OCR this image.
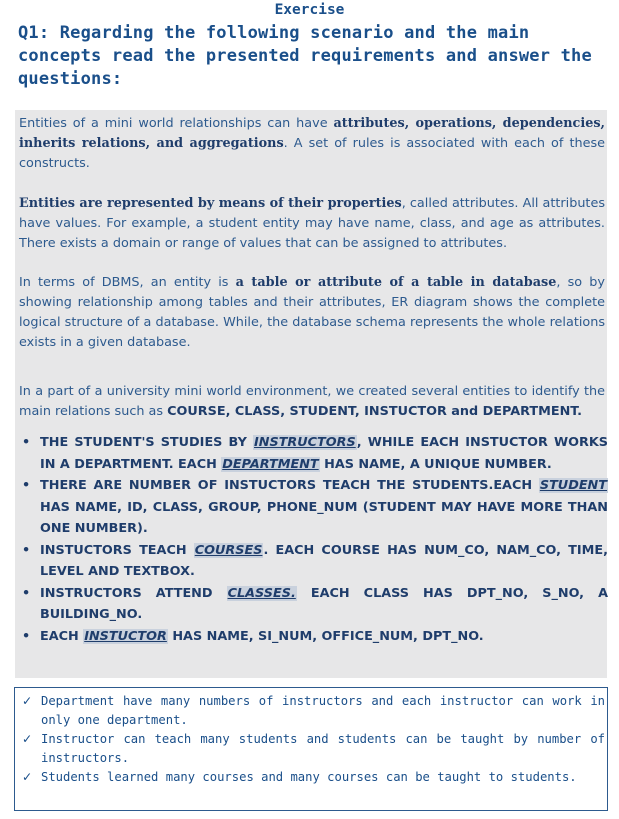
Exercise
Q1: Regarding the following scenario and the main concepts read the presented requirements and answer the questions:
Entities of a mini world relationships can have attributes, operations, dependencies, inherits relations, and aggregations. A set of rules is associated with each of these constructs.
Entities are represented by means of their properties, called attributes. All attributes have values. For example, a student entity may have name, class, and age as attributes. There exists a domain or range of values that can be assigned to attributes.
In terms of DBMS, an entity is a table or attribute of a table in database, so by showing relationship among tables and their attributes, ER diagram shows the complete logical structure of a database. While, the database schema represents the whole relations exists in a given database.
In a part of a university mini world environment, we created several entities to identify the main relations such as COURSE, CLASS, STUDENT, INSTUCTOR and DEPARTMENT.
• THE STUDENT'S STUDIES BY INSTRUCTORS, WHILE EACH INSTUCTOR WORKS IN A DEPARTMENT. EACH DEPARTMENT HAS NAME, A UNIQUE NUMBER.
• THERE ARE NUMBER OF INSTUCTORS TEACH THE STUDENTS.EACH STUDENT HAS NAME, ID, CLASS, GROUP, PHONE_NUM (STUDENT MAY HAVE MORE THAN ONE NUMBER).
• INSTUCTORS TEACH COURSES. EACH COURSE HAS NUM_CO, NAM_CO, TIME, LEVEL AND TEXTBOX.
• INSTRUCTORS ATTEND CLASSES. EACH CLASS HAS DPT_NO, S_NO, A BUILDING_NO.
• EACH INSTUCTOR HAS NAME, SI_NUM, OFFICE_NUM, DPT_NO.
✓ Department have many numbers of instructors and each instructor can work in only one department.
✓ Instructor can teach many students and students can be taught by number of instructors.
✓ Students learned many courses and many courses can be taught to students.
